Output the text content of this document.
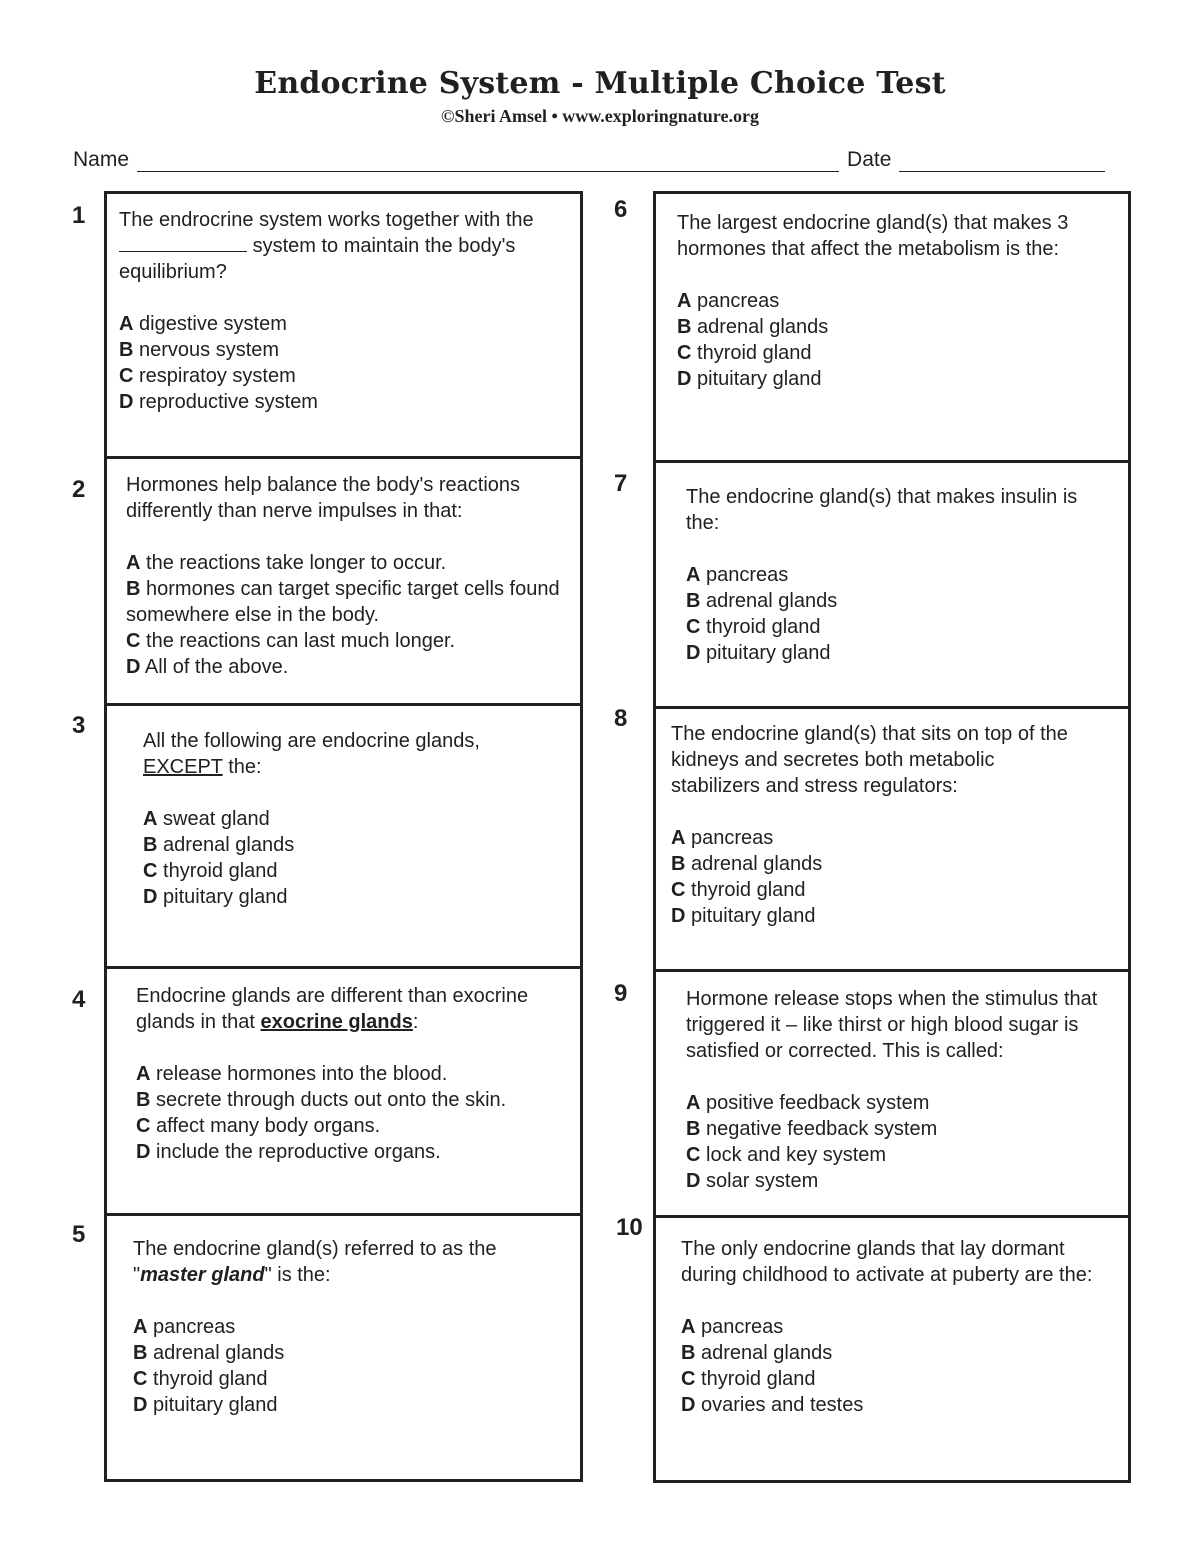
Endocrine System - Multiple Choice Test
©Sheri Amsel • www.exploringnature.org
Name	Date
1
2
3
4
5
6
7
8
9
10
The endrocrine system works together with the  system to maintain the body's equilibrium?
A digestive system
B nervous system
C respiratoy system
D reproductive system
Hormones help balance the body's reactions differently than nerve impulses in that:
A the reactions take longer to occur.
B hormones can target specific target cells found somewhere else in the body.
C the reactions can last much longer.
D All of the above.
All the following are endocrine glands,
EXCEPT the:
A sweat gland
B adrenal glands
C thyroid gland
D pituitary gland
Endocrine glands are different than exocrine glands in that exocrine glands:
A release hormones into the blood.
B secrete through ducts out onto the skin.
C affect many body organs.
D include the reproductive organs.
The endocrine gland(s) referred to as the "master gland" is the:
A pancreas
B adrenal glands
C thyroid gland
D pituitary gland
The largest endocrine gland(s) that makes 3 hormones that affect the metabolism is the:
A pancreas
B adrenal glands
C thyroid gland
D pituitary gland
The endocrine gland(s) that makes insulin is the:
A pancreas
B adrenal glands
C thyroid gland
D pituitary gland
The endocrine gland(s) that sits on top of the kidneys and secretes both metabolic stabilizers and stress regulators:
A pancreas
B adrenal glands
C thyroid gland
D pituitary gland
Hormone release stops when the stimulus that triggered it – like thirst or high blood sugar is satisfied or corrected. This is called:
A positive feedback system
B negative feedback system
C lock and key system
D solar system
The only endocrine glands that lay dormant during childhood to activate at puberty are the:
A pancreas
B adrenal glands
C thyroid gland
D ovaries and testes
